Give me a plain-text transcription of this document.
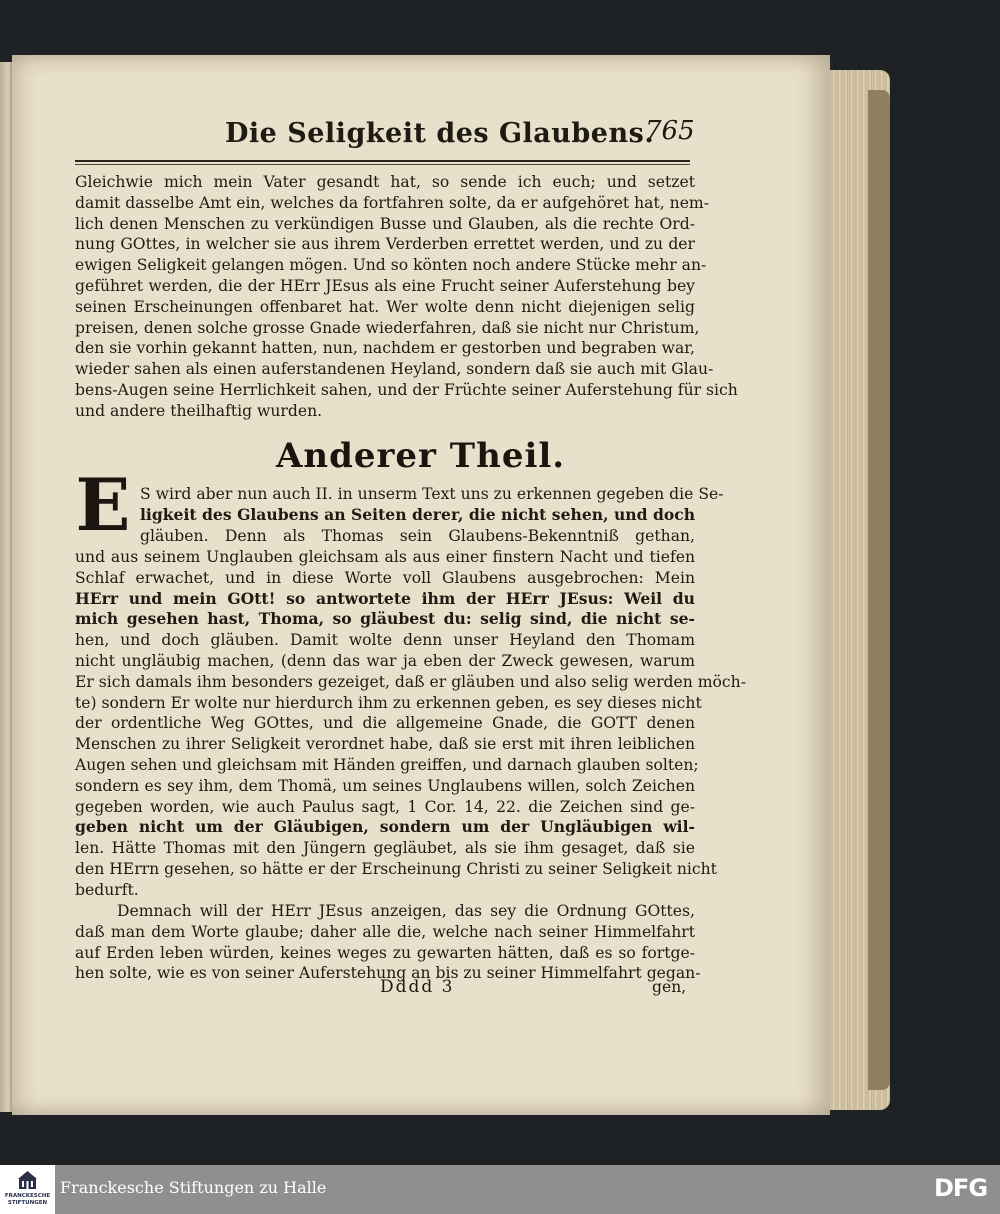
Die Seligkeit des Glaubens.
765
Gleichwie mich mein Vater gesandt hat, so sende ich euch; und setzet
damit dasselbe Amt ein, welches da fortfahren solte, da er aufgehöret hat, nem-
lich denen Menschen zu verkündigen Busse und Glauben, als die rechte Ord-
nung GOttes, in welcher sie aus ihrem Verderben errettet werden, und zu der
ewigen Seligkeit gelangen mögen. Und so könten noch andere Stücke mehr an-
geführet werden, die der HErr JEsus als eine Frucht seiner Auferstehung bey
seinen Erscheinungen offenbaret hat. Wer wolte denn nicht diejenigen selig
preisen, denen solche grosse Gnade wiederfahren, daß sie nicht nur Christum,
den sie vorhin gekannt hatten, nun, nachdem er gestorben und begraben war,
wieder sahen als einen auferstandenen Heyland, sondern daß sie auch mit Glau-
bens-Augen seine Herrlichkeit sahen, und der Früchte seiner Auferstehung für sich
und andere theilhaftig wurden.
Anderer Theil.
E S wird aber nun auch II. in unserm Text uns zu erkennen gegeben die Se-
ligkeit des Glaubens an Seiten derer, die nicht sehen, und doch
gläuben. Denn als Thomas sein Glaubens-Bekenntniß gethan,
und aus seinem Unglauben gleichsam als aus einer finstern Nacht und tiefen
Schlaf erwachet, und in diese Worte voll Glaubens ausgebrochen: Mein
HErr und mein GOtt! so antwortete ihm der HErr JEsus: Weil du
mich gesehen hast, Thoma, so gläubest du: selig sind, die nicht se-
hen, und doch gläuben. Damit wolte denn unser Heyland den Thomam
nicht ungläubig machen, (denn das war ja eben der Zweck gewesen, warum
Er sich damals ihm besonders gezeiget, daß er gläuben und also selig werden möch-
te) sondern Er wolte nur hierdurch ihm zu erkennen geben, es sey dieses nicht
der ordentliche Weg GOttes, und die allgemeine Gnade, die GOTT denen
Menschen zu ihrer Seligkeit verordnet habe, daß sie erst mit ihren leiblichen
Augen sehen und gleichsam mit Händen greiffen, und darnach glauben solten;
sondern es sey ihm, dem Thomä, um seines Unglaubens willen, solch Zeichen
gegeben worden, wie auch Paulus sagt, 1 Cor. 14, 22. die Zeichen sind ge-
geben nicht um der Gläubigen, sondern um der Ungläubigen wil-
len. Hätte Thomas mit den Jüngern gegläubet, als sie ihm gesaget, daß sie
den HErrn gesehen, so hätte er der Erscheinung Christi zu seiner Seligkeit nicht
bedurft.
Demnach will der HErr JEsus anzeigen, das sey die Ordnung GOttes,
daß man dem Worte glaube; daher alle die, welche nach seiner Himmelfahrt
auf Erden leben würden, keines weges zu gewarten hätten, daß es so fortge-
hen solte, wie es von seiner Auferstehung an bis zu seiner Himmelfahrt gegan-
Dddd 3	gen,
FRANCKESCHE
STIFTUNGEN
Franckesche Stiftungen zu Halle	DFG
